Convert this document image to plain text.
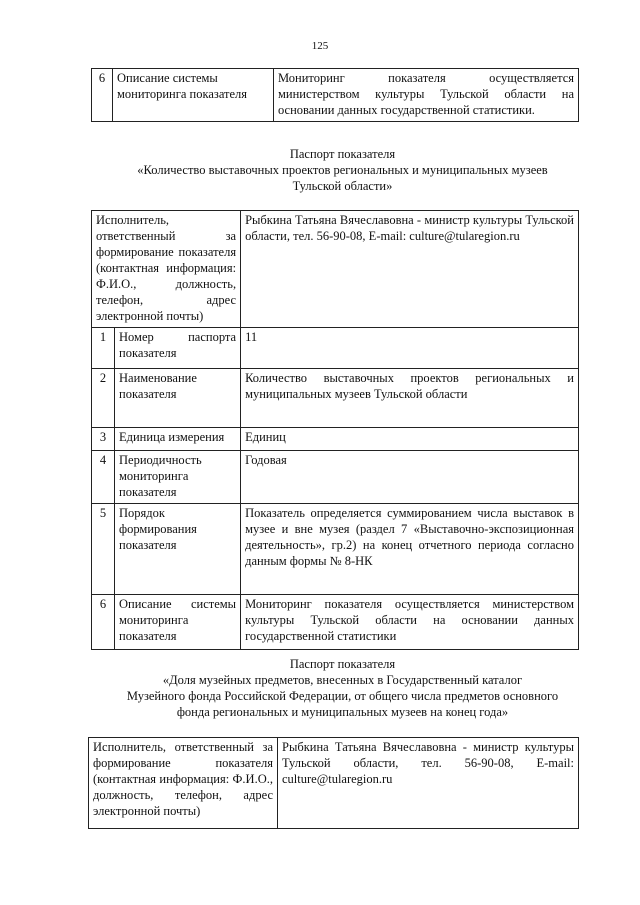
125
6	Описание системы мониторинга показателя	Мониторинг показателя осуществляется министерством культуры Тульской области на основании данных государственной статистики.
Паспорт показателя
«Количество выставочных проектов региональных и муниципальных музеев
Тульской области»
Исполнитель, ответственный за формирование показателя (контактная информация: Ф.И.О., должность, телефон, адрес электронной почты)		Рыбкина Татьяна Вячеславовна - министр культуры Тульской области, тел. 56-90-08, E-mail: culture@tularegion.ru
1	Номер паспорта показателя	11
2	Наименование показателя	Количество выставочных проектов региональных и муниципальных музеев Тульской области
3	Единица измерения	Единиц
4	Периодичность мониторинга показателя	Годовая
5	Порядок формирования показателя	Показатель определяется суммированием числа выставок в музее и вне музея (раздел 7 «Выставочно-экспозиционная деятельность», гр.2) на конец отчетного периода согласно данным формы № 8-НК
6	Описание системы мониторинга показателя	Мониторинг показателя осуществляется министерством культуры Тульской области на основании данных государственной статистики
Паспорт показателя
«Доля музейных предметов, внесенных в Государственный каталог
Музейного фонда Российской Федерации, от общего числа предметов основного
фонда региональных и муниципальных музеев на конец года»
Исполнитель, ответственный за формирование показателя (контактная информация: Ф.И.О., должность, телефон, адрес электронной почты)	Рыбкина Татьяна Вячеславовна - министр культуры Тульской области, тел. 56-90-08, E-mail: culture@tularegion.ru
